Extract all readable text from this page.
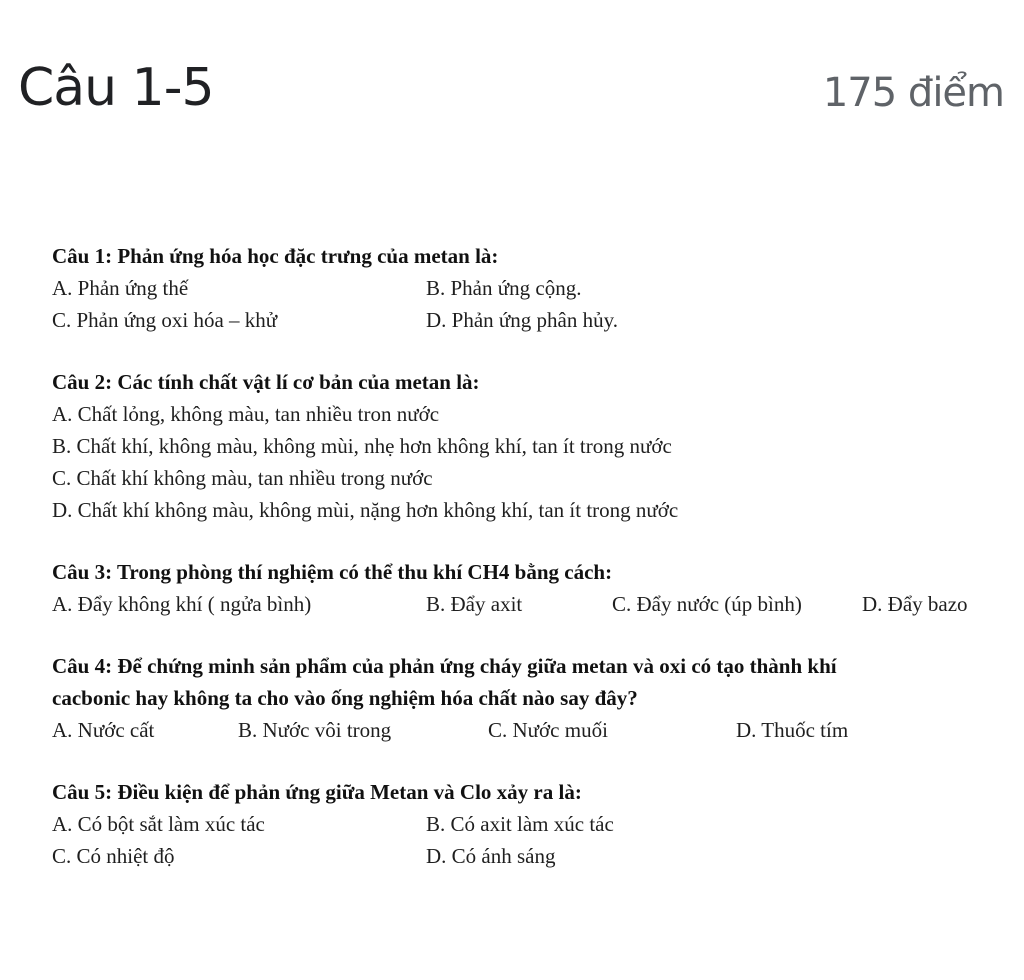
Câu 1-5	175 điểm
Câu 1: Phản ứng hóa học đặc trưng của metan là:
A. Phản ứng thế	B. Phản ứng cộng.
C. Phản ứng oxi hóa – khử	D. Phản ứng phân hủy.
Câu 2: Các tính chất vật lí cơ bản của metan là:
A. Chất lỏng, không màu, tan nhiều tron nước
B. Chất khí, không màu, không mùi, nhẹ hơn không khí, tan ít trong nước
C. Chất khí không màu, tan nhiều trong nước
D. Chất khí không màu, không mùi, nặng hơn không khí, tan ít trong nước
Câu 3: Trong phòng thí nghiệm có thể thu khí CH4 bằng cách:
A. Đẩy không khí ( ngửa bình)	B. Đẩy axit	C. Đẩy nước (úp bình)	D. Đẩy bazo
Câu 4: Để chứng minh sản phẩm của phản ứng cháy giữa metan và oxi có tạo thành khí
cacbonic hay không ta cho vào ống nghiệm hóa chất nào say đây?
A. Nước cất	B. Nước vôi trong	C. Nước muối	D. Thuốc tím
Câu 5: Điều kiện để phản ứng giữa Metan và Clo xảy ra là:
A. Có bột sắt làm xúc tác	B. Có axit làm xúc tác
C. Có nhiệt độ	D. Có ánh sáng
